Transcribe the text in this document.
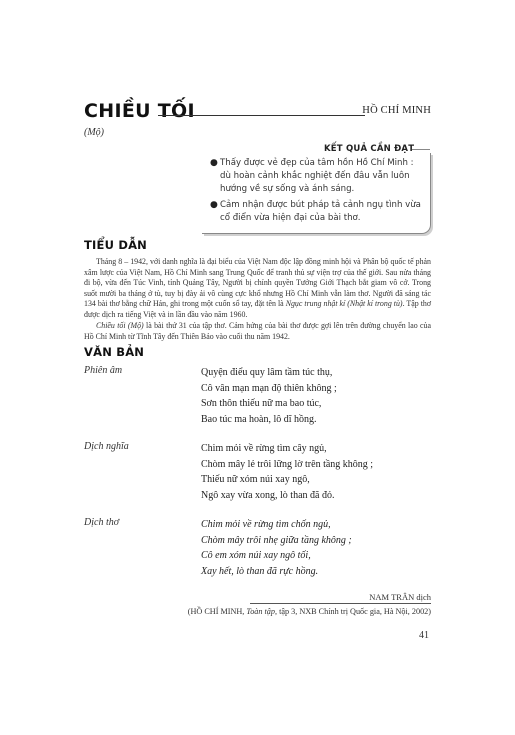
CHIỀU TỐI	HỒ CHÍ MINH
(Mộ)
KẾT QUẢ CẦN ĐẠT
● Thấy được vẻ đẹp của tâm hồn Hồ Chí Minh : dù hoàn cảnh khắc nghiệt đến đâu vẫn luôn hướng về sự sống và ánh sáng.
● Cảm nhận được bút pháp tả cảnh ngụ tình vừa cổ điển vừa hiện đại của bài thơ.
TIỂU DẪN

Tháng 8 – 1942, với danh nghĩa là đại biểu của Việt Nam độc lập đồng minh hội và Phân bộ quốc tế phản xâm lược của Việt Nam, Hồ Chí Minh sang Trung Quốc để tranh thủ sự viện trợ của thế giới. Sau nửa tháng đi bộ, vừa đến Túc Vinh, tỉnh Quảng Tây, Người bị chính quyền Tưởng Giới Thạch bắt giam vô cớ. Trong suốt mười ba tháng ở tù, tuy bị đày ải vô cùng cực khổ nhưng Hồ Chí Minh vẫn làm thơ. Người đã sáng tác 134 bài thơ bằng chữ Hán, ghi trong một cuốn sổ tay, đặt tên là Ngục trung nhật kí (Nhật kí trong tù). Tập thơ được dịch ra tiếng Việt và in lần đầu vào năm 1960.

Chiều tối (Mộ) là bài thứ 31 của tập thơ. Cảm hứng của bài thơ được gợi lên trên đường chuyển lao của Hồ Chí Minh từ Tĩnh Tây đến Thiên Bảo vào cuối thu năm 1942.

VĂN BẢN
Phiên âm	Quyện điểu quy lâm tầm túc thụ,
Cô vân mạn mạn độ thiên không ;
Sơn thôn thiếu nữ ma bao túc,
Bao túc ma hoàn, lô dĩ hồng.
Dịch nghĩa	Chim mỏi về rừng tìm cây ngủ,
Chòm mây lẻ trôi lững lờ trên tầng không ;
Thiếu nữ xóm núi xay ngô,
Ngô xay vừa xong, lò than đã đỏ.
Dịch thơ	Chim mỏi về rừng tìm chốn ngủ,
Chòm mây trôi nhẹ giữa tầng không ;
Cô em xóm núi xay ngô tối,
Xay hết, lò than đã rực hồng.
NAM TRÂN dịch
(HỒ CHÍ MINH, Toàn tập, tập 3, NXB Chính trị Quốc gia, Hà Nội, 2002)
41
